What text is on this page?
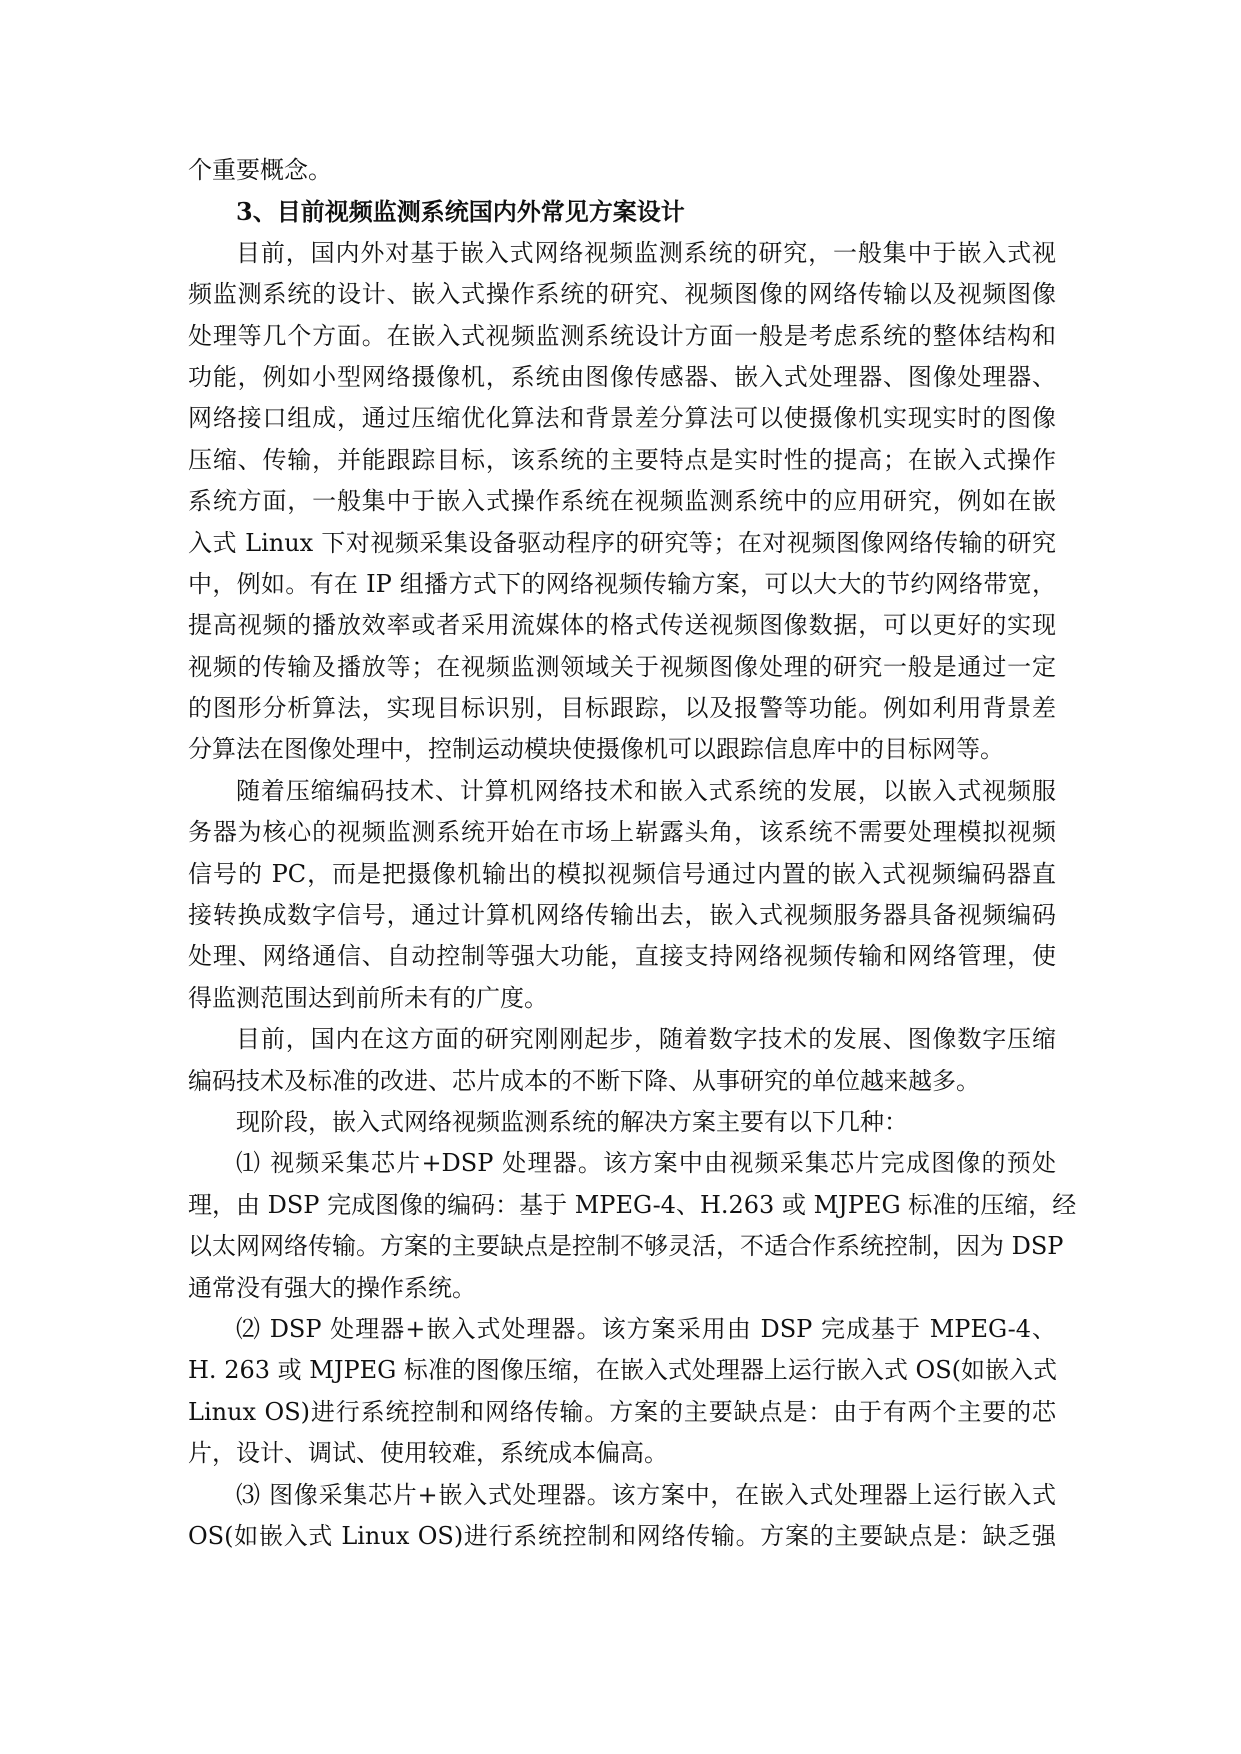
个重要概念。
3、目前视频监测系统国内外常见方案设计
目前，国内外对基于嵌入式网络视频监测系统的研究，一般集中于嵌入式视
频监测系统的设计、嵌入式操作系统的研究、视频图像的网络传输以及视频图像
处理等几个方面。在嵌入式视频监测系统设计方面一般是考虑系统的整体结构和
功能，例如小型网络摄像机，系统由图像传感器、嵌入式处理器、图像处理器、
网络接口组成，通过压缩优化算法和背景差分算法可以使摄像机实现实时的图像
压缩、传输，并能跟踪目标，该系统的主要特点是实时性的提高；在嵌入式操作
系统方面，一般集中于嵌入式操作系统在视频监测系统中的应用研究，例如在嵌
入式 Linux 下对视频采集设备驱动程序的研究等；在对视频图像网络传输的研究
中，例如。有在 IP 组播方式下的网络视频传输方案，可以大大的节约网络带宽，
提高视频的播放效率或者采用流媒体的格式传送视频图像数据，可以更好的实现
视频的传输及播放等；在视频监测领域关于视频图像处理的研究一般是通过一定
的图形分析算法，实现目标识别，目标跟踪，以及报警等功能。例如利用背景差
分算法在图像处理中，控制运动模块使摄像机可以跟踪信息库中的目标网等。
随着压缩编码技术、计算机网络技术和嵌入式系统的发展，以嵌入式视频服
务器为核心的视频监测系统开始在市场上崭露头角，该系统不需要处理模拟视频
信号的 PC，而是把摄像机输出的模拟视频信号通过内置的嵌入式视频编码器直
接转换成数字信号，通过计算机网络传输出去，嵌入式视频服务器具备视频编码
处理、网络通信、自动控制等强大功能，直接支持网络视频传输和网络管理，使
得监测范围达到前所未有的广度。
目前，国内在这方面的研究刚刚起步，随着数字技术的发展、图像数字压缩
编码技术及标准的改进、芯片成本的不断下降、从事研究的单位越来越多。
现阶段，嵌入式网络视频监测系统的解决方案主要有以下几种：
⑴ 视频采集芯片+DSP 处理器。该方案中由视频采集芯片完成图像的预处
理，由 DSP 完成图像的编码：基于 MPEG-4、H.263 或 MJPEG 标准的压缩，经
以太网网络传输。方案的主要缺点是控制不够灵活，不适合作系统控制，因为 DSP
通常没有强大的操作系统。
⑵ DSP 处理器+嵌入式处理器。该方案采用由 DSP 完成基于 MPEG-4、
H. 263 或 MJPEG 标准的图像压缩，在嵌入式处理器上运行嵌入式 OS(如嵌入式
Linux OS)进行系统控制和网络传输。方案的主要缺点是：由于有两个主要的芯
片，设计、调试、使用较难，系统成本偏高。
⑶ 图像采集芯片+嵌入式处理器。该方案中，在嵌入式处理器上运行嵌入式
OS(如嵌入式 Linux OS)进行系统控制和网络传输。方案的主要缺点是：缺乏强
